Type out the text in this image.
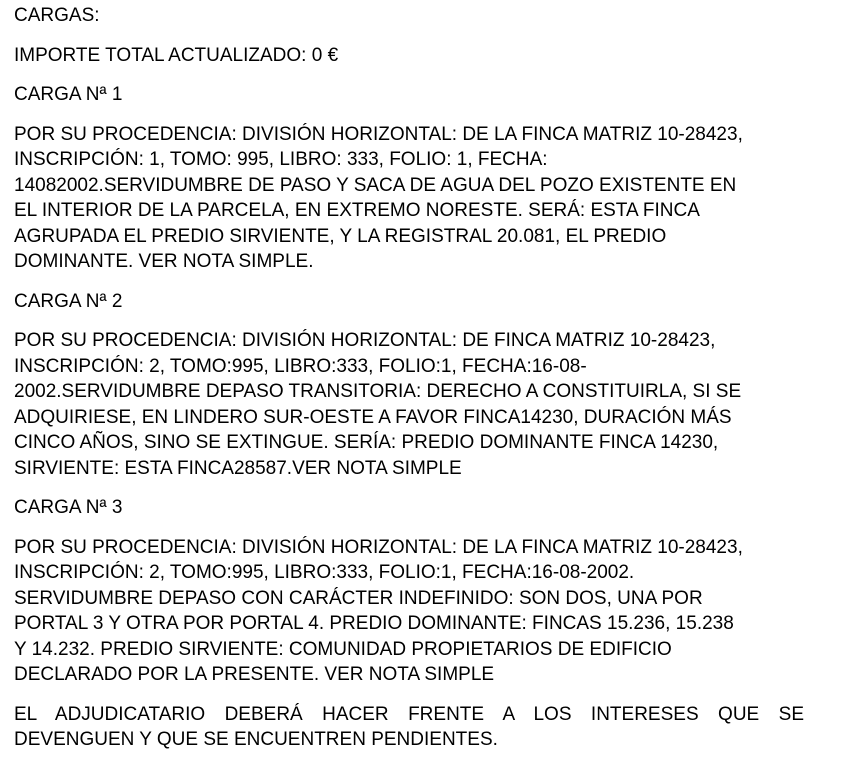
CARGAS:

IMPORTE TOTAL ACTUALIZADO: 0 €

CARGA Nª 1

POR SU PROCEDENCIA: DIVISIÓN HORIZONTAL: DE LA FINCA MATRIZ 10-28423,
INSCRIPCIÓN: 1, TOMO: 995, LIBRO: 333, FOLIO: 1, FECHA:
14082002.SERVIDUMBRE DE PASO Y SACA DE AGUA DEL POZO EXISTENTE EN
EL INTERIOR DE LA PARCELA, EN EXTREMO NORESTE. SERÁ: ESTA FINCA
AGRUPADA EL PREDIO SIRVIENTE, Y LA REGISTRAL 20.081, EL PREDIO
DOMINANTE. VER NOTA SIMPLE.

CARGA Nª 2

POR SU PROCEDENCIA: DIVISIÓN HORIZONTAL: DE FINCA MATRIZ 10-28423,
INSCRIPCIÓN: 2, TOMO:995, LIBRO:333, FOLIO:1, FECHA:16-08-
2002.SERVIDUMBRE DEPASO TRANSITORIA: DERECHO A CONSTITUIRLA, SI SE
ADQUIRIESE, EN LINDERO SUR-OESTE A FAVOR FINCA14230, DURACIÓN MÁS
CINCO AÑOS, SINO SE EXTINGUE. SERÍA: PREDIO DOMINANTE FINCA 14230,
SIRVIENTE: ESTA FINCA28587.VER NOTA SIMPLE

CARGA Nª 3

POR SU PROCEDENCIA: DIVISIÓN HORIZONTAL: DE LA FINCA MATRIZ 10-28423,
INSCRIPCIÓN: 2, TOMO:995, LIBRO:333, FOLIO:1, FECHA:16-08-2002.
SERVIDUMBRE DEPASO CON CARÁCTER INDEFINIDO: SON DOS, UNA POR
PORTAL 3 Y OTRA POR PORTAL 4. PREDIO DOMINANTE: FINCAS 15.236, 15.238
Y 14.232. PREDIO SIRVIENTE: COMUNIDAD PROPIETARIOS DE EDIFICIO
DECLARADO POR LA PRESENTE. VER NOTA SIMPLE

EL ADJUDICATARIO DEBERÁ HACER FRENTE A LOS INTERESES QUE SE
DEVENGUEN Y QUE SE ENCUENTREN PENDIENTES.
